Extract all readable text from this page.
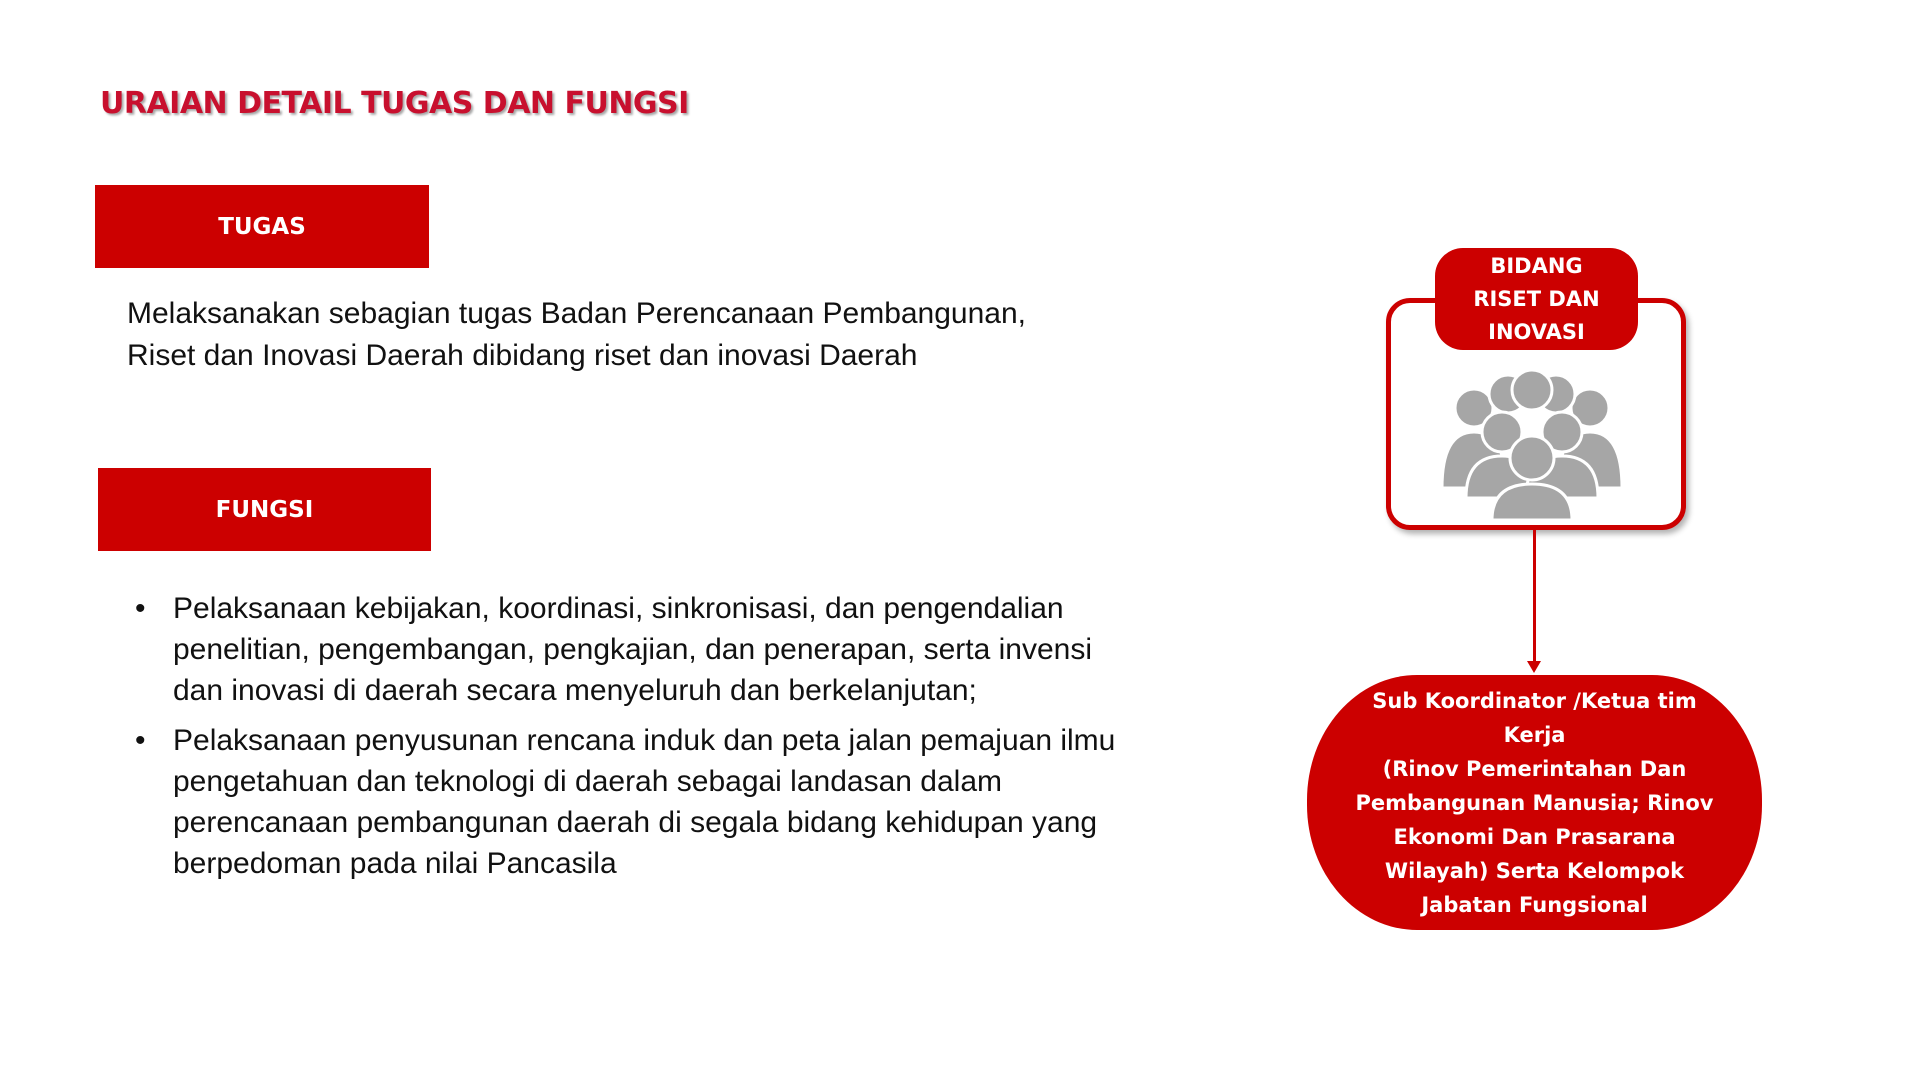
URAIAN DETAIL TUGAS DAN FUNGSI
TUGAS
Melaksanakan sebagian tugas Badan Perencanaan Pembangunan,
Riset dan Inovasi Daerah dibidang riset dan inovasi Daerah
FUNGSI
• Pelaksanaan kebijakan, koordinasi, sinkronisasi, dan pengendalian penelitian, pengembangan, pengkajian, dan penerapan, serta invensi dan inovasi di daerah secara menyeluruh dan berkelanjutan;
• Pelaksanaan penyusunan rencana induk dan peta jalan pemajuan ilmu pengetahuan dan teknologi di daerah sebagai landasan dalam perencanaan pembangunan daerah di segala bidang kehidupan yang berpedoman pada nilai Pancasila
BIDANG
RISET DAN
INOVASI
Sub Koordinator /Ketua tim
Kerja
(Rinov Pemerintahan Dan
Pembangunan Manusia; Rinov
Ekonomi Dan Prasarana
Wilayah) Serta Kelompok
Jabatan Fungsional
